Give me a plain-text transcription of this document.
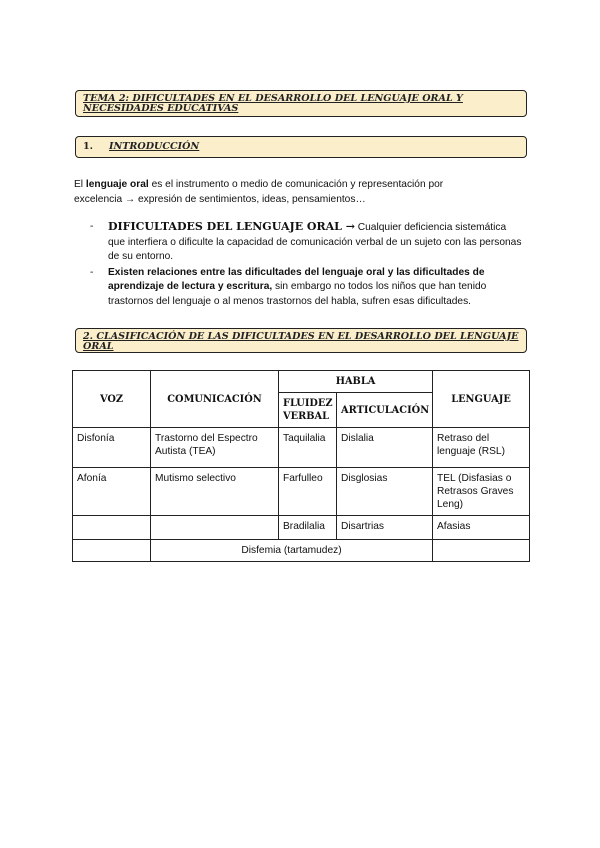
TEMA 2: DIFICULTADES EN EL DESARROLLO DEL LENGUAJE ORAL Y NECESIDADES EDUCATIVAS
1. INTRODUCCIÓN
El lenguaje oral es el instrumento o medio de comunicación y representación por excelencia → expresión de sentimientos, ideas, pensamientos…
- DIFICULTADES DEL LENGUAJE ORAL → Cualquier deficiencia sistemática que interfiera o dificulte la capacidad de comunicación verbal de un sujeto con las personas de su entorno.
- Existen relaciones entre las dificultades del lenguaje oral y las dificultades de aprendizaje de lectura y escritura, sin embargo no todos los niños que han tenido trastornos del lenguaje o al menos trastornos del habla, sufren esas dificultades.
2. CLASIFICACIÓN DE LAS DIFICULTADES EN EL DESARROLLO DEL LENGUAJE ORAL
VOZ	COMUNICACIÓN	HABLA		LENGUAJE
		FLUIDEZ VERBAL	ARTICULACIÓN	
Disfonía	Trastorno del Espectro Autista (TEA)	Taquilalia	Dislalia	Retraso del lenguaje (RSL)
Afonía	Mutismo selectivo	Farfulleo	Disglosias	TEL (Disfasias o Retrasos Graves Leng)
		Bradilalia	Disartrias	Afasias
	Disfemia (tartamudez)			
